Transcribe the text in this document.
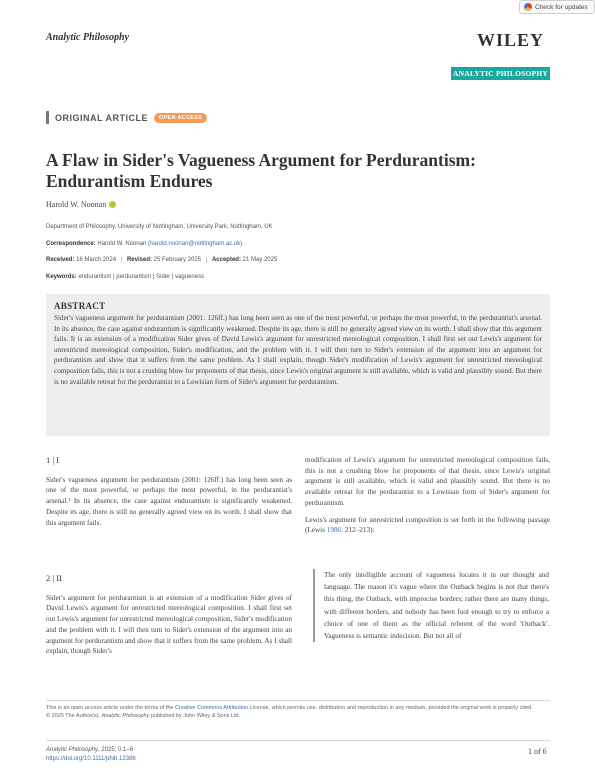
Check for updates
Analytic Philosophy	WILEY
ANALYTIC PHILOSOPHY
ORIGINAL ARTICLE	OPEN ACCESS
A Flaw in Sider's Vagueness Argument for Perdurantism:
Endurantism Endures
Harold W. Noonan
Department of Philosophy, University of Nottingham, University Park, Nottingham, UK
Correspondence: Harold W. Noonan (harold.noonan@nottingham.ac.uk)
Received: 16 March 2024 | Revised: 25 February 2025 | Accepted: 21 May 2025
Keywords: endurantism | perdurantism | Sider | vagueness
ABSTRACT

Sider's vagueness argument for perdurantism (2001: 126ff.) has long been seen as one of the most powerful, or perhaps the most powerful, in the perdurantist's arsenal. In its absence, the case against endurantism is significantly weakened. Despite its age, there is still no generally agreed view on its worth. I shall show that this argument fails. It is an extension of a modification Sider gives of David Lewis's argument for unrestricted mereological composition. I shall first set out Lewis's argument for unrestricted mereological composition, Sider's modification, and the problem with it. I will then turn to Sider's extension of the argument into an argument for perdurantism and show that it suffers from the same problem. As I shall explain, though Sider's modification of Lewis's argument for unrestricted mereological composition fails, this is not a crushing blow for proponents of that thesis, since Lewis's original argument is still available, which is valid and plausibly sound. But there is no available retreat for the perdurantist to a Lewisian form of Sider's argument for perdurantism.

1 | I

Sider's vagueness argument for perdurantism (2001: 126ff.) has long been seen as one of the most powerful, or perhaps the most powerful, in the perdurantist's arsenal.¹ In its absence, the case against endurantism is significantly weakened. Despite its age, there is still no generally agreed view on its worth. I shall show that this argument fails.

2 | II

Sider's argument for perdurantism is an extension of a modification Sider gives of David Lewis's argument for unrestricted mereological composition. I shall first set out Lewis's argument for unrestricted mereological composition, Sider's modification and the problem with it. I will then turn to Sider's extension of the argument into an argument for perdurantism and show that it suffers from the same problem. As I shall explain, though Sider's

modification of Lewis's argument for unrestricted mereological composition fails, this is not a crushing blow for proponents of that thesis, since Lewis's original argument is still available, which is valid and plausibly sound. But there is no available retreat for the perdurantist to a Lewisian form of Sider's argument for perdurantism.

Lewis's argument for unrestricted composition is set forth in the following passage (Lewis 1986: 212–213):

The only intelligible account of vagueness locates it in our thought and language. The reason it's vague where the Outback begins is not that there's this thing, the Outback, with imprecise borders; rather there are many things, with different borders, and nobody has been fool enough to try to enforce a choice of one of them as the official referent of the word 'Outback'. Vagueness is semantic indecision. But not all of
This is an open access article under the terms of the Creative Commons Attribution License, which permits use, distribution and reproduction in any medium, provided the original work is properly cited.
© 2025 The Author(s). Analytic Philosophy published by John Wiley & Sons Ltd.
Analytic Philosophy, 2025; 0:1–6
https://doi.org/10.1111/phib.12386
1 of 6
